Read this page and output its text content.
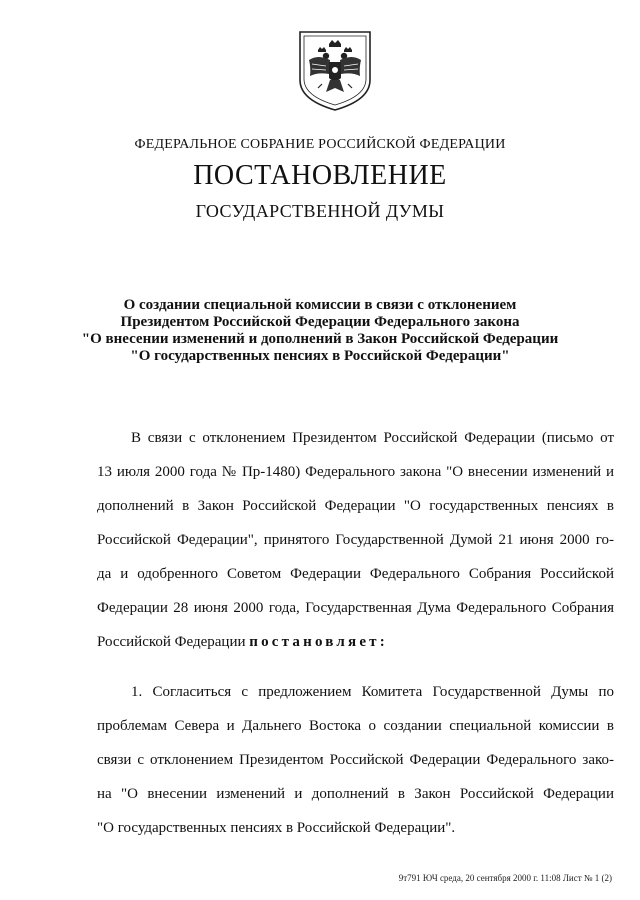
ФЕДЕРАЛЬНОЕ СОБРАНИЕ РОССИЙСКОЙ ФЕДЕРАЦИИ
ПОСТАНОВЛЕНИЕ
ГОСУДАРСТВЕННОЙ ДУМЫ
О создании специальной комиссии в связи с отклонением
Президентом Российской Федерации Федерального закона
"О внесении изменений и дополнений в Закон Российской Федерации
"О государственных пенсиях в Российской Федерации"
В связи с отклонением Президентом Российской Федерации (письмо от
13 июля 2000 года № Пр-1480) Федерального закона "О внесении изменений и
дополнений в Закон Российской Федерации "О государственных пенсиях в
Российской Федерации", принятого Государственной Думой 21 июня 2000 го-
да и одобренного Советом Федерации Федерального Собрания Российской
Федерации 28 июня 2000 года, Государственная Дума Федерального Собрания
Российской Федерации постановляет:
1. Согласиться с предложением Комитета Государственной Думы по
проблемам Севера и Дальнего Востока о создании специальной комиссии в
связи с отклонением Президентом Российской Федерации Федерального зако-
на "О внесении изменений и дополнений в Закон Российской Федерации
"О государственных пенсиях в Российской Федерации".
9т791 ЮЧ среда, 20 сентября 2000 г. 11:08 Лист № 1 (2)
